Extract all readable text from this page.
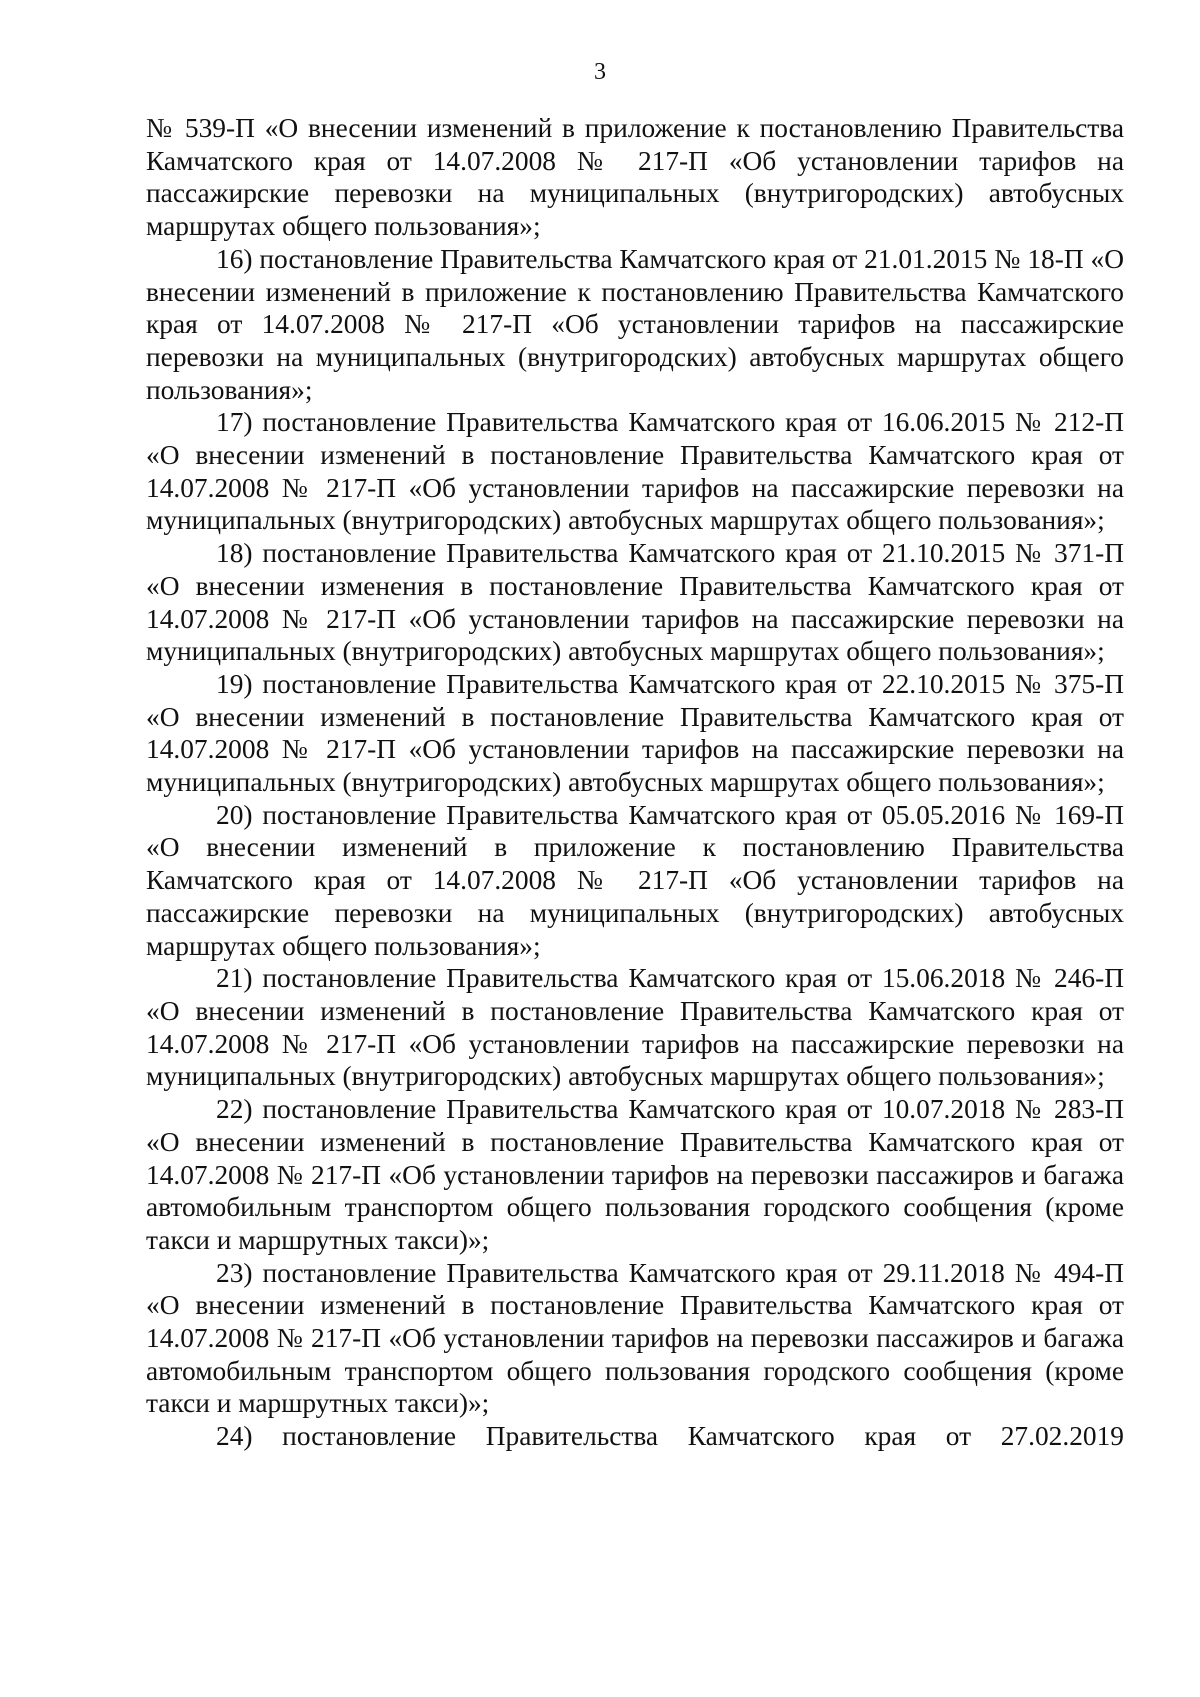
3

№ 539-П «О внесении изменений в приложение к постановлению Правительства Камчатского края от 14.07.2008 № 217-П «Об установлении тарифов на пассажирские перевозки на муниципальных (внутригородских) автобусных маршрутах общего пользования»;

16) постановление Правительства Камчатского края от 21.01.2015 № 18-П «О внесении изменений в приложение к постановлению Правительства Камчатского края от 14.07.2008 № 217-П «Об установлении тарифов на пассажирские перевозки на муниципальных (внутригородских) автобусных маршрутах общего пользования»;

17) постановление Правительства Камчатского края от 16.06.2015 № 212-П «О внесении изменений в постановление Правительства Камчатского края от 14.07.2008 № 217-П «Об установлении тарифов на пассажирские перевозки на муниципальных (внутригородских) автобусных маршрутах общего пользования»;

18) постановление Правительства Камчатского края от 21.10.2015 № 371-П «О внесении изменения в постановление Правительства Камчатского края от 14.07.2008 № 217-П «Об установлении тарифов на пассажирские перевозки на муниципальных (внутригородских) автобусных маршрутах общего пользования»;

19) постановление Правительства Камчатского края от 22.10.2015 № 375-П «О внесении изменений в постановление Правительства Камчатского края от 14.07.2008 № 217-П «Об установлении тарифов на пассажирские перевозки на муниципальных (внутригородских) автобусных маршрутах общего пользования»;

20) постановление Правительства Камчатского края от 05.05.2016 № 169-П «О внесении изменений в приложение к постановлению Правительства Камчатского края от 14.07.2008 № 217-П «Об установлении тарифов на пассажирские перевозки на муниципальных (внутригородских) автобусных маршрутах общего пользования»;

21) постановление Правительства Камчатского края от 15.06.2018 № 246-П «О внесении изменений в постановление Правительства Камчатского края от 14.07.2008 № 217-П «Об установлении тарифов на пассажирские перевозки на муниципальных (внутригородских) автобусных маршрутах общего пользования»;

22) постановление Правительства Камчатского края от 10.07.2018 № 283-П «О внесении изменений в постановление Правительства Камчатского края от 14.07.2008 № 217-П «Об установлении тарифов на перевозки пассажиров и багажа автомобильным транспортом общего пользования городского сообщения (кроме такси и маршрутных такси)»;

23) постановление Правительства Камчатского края от 29.11.2018 № 494-П «О внесении изменений в постановление Правительства Камчатского края от 14.07.2008 № 217-П «Об установлении тарифов на перевозки пассажиров и багажа автомобильным транспортом общего пользования городского сообщения (кроме такси и маршрутных такси)»;

24) постановление Правительства Камчатского края от 27.02.2019
